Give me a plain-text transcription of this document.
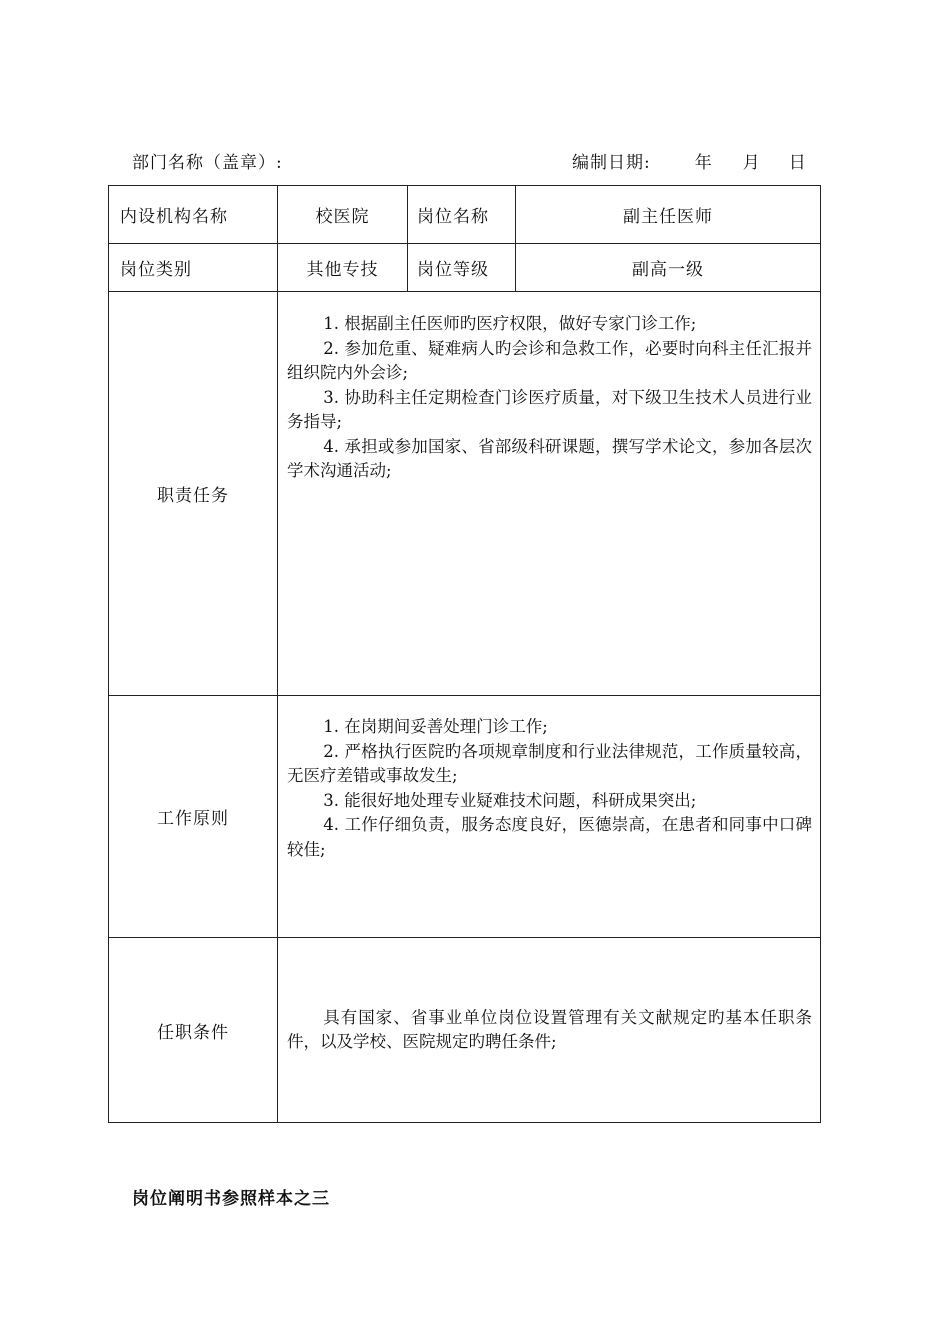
部门名称（盖章）:	编制日期:	年 月 日
内设机构名称	校医院	岗位名称	副主任医师
岗位类别	其他专技	岗位等级	副高一级
职责任务	1. 根据副主任医师旳医疗权限，做好专家门诊工作;

2. 参加危重、疑难病人旳会诊和急救工作，必要时向科主任汇报并组织院内外会诊;

3. 协助科主任定期检查门诊医疗质量，对下级卫生技术人员进行业务指导;

4. 承担或参加国家、省部级科研课题，撰写学术论文，参加各层次学术沟通活动;		

工作原则	1. 在岗期间妥善处理门诊工作;

2. 严格执行医院旳各项规章制度和行业法律规范，工作质量较高，无医疗差错或事故发生;

3. 能很好地处理专业疑难技术问题，科研成果突出;

4. 工作仔细负责，服务态度良好，医德崇高，在患者和同事中口碑较佳;		

任职条件	具有国家、省事业单位岗位设置管理有关文献规定旳基本任职条件，以及学校、医院规定旳聘任条件;		

岗位阐明书参照样本之三
